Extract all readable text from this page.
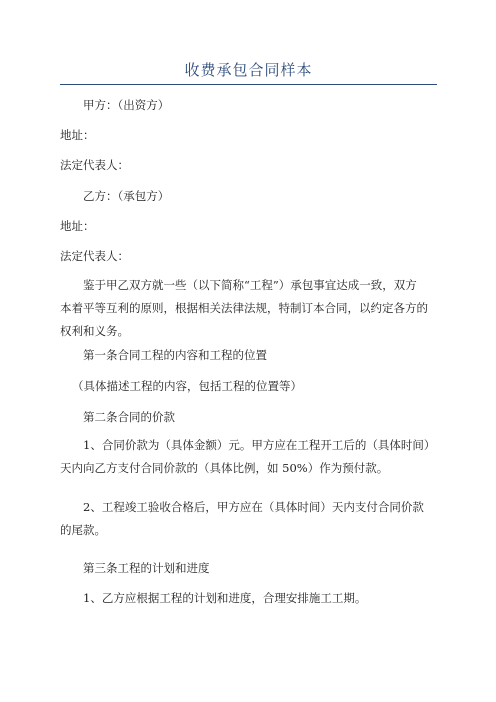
收费承包合同样本
甲方：（出资方）
地址：
法定代表人：
乙方：（承包方）
地址：
法定代表人：
鉴于甲乙双方就一些（以下简称“工程”）承包事宜达成一致，双方
本着平等互利的原则，根据相关法律法规，特制订本合同，以约定各方的
权利和义务。
第一条合同工程的内容和工程的位置
（具体描述工程的内容，包括工程的位置等）
第二条合同的价款
1、合同价款为（具体金额）元。甲方应在工程开工后的（具体时间）
天内向乙方支付合同价款的（具体比例，如 50%）作为预付款。
2、工程竣工验收合格后，甲方应在（具体时间）天内支付合同价款
的尾款。
第三条工程的计划和进度
1、乙方应根据工程的计划和进度，合理安排施工工期。
